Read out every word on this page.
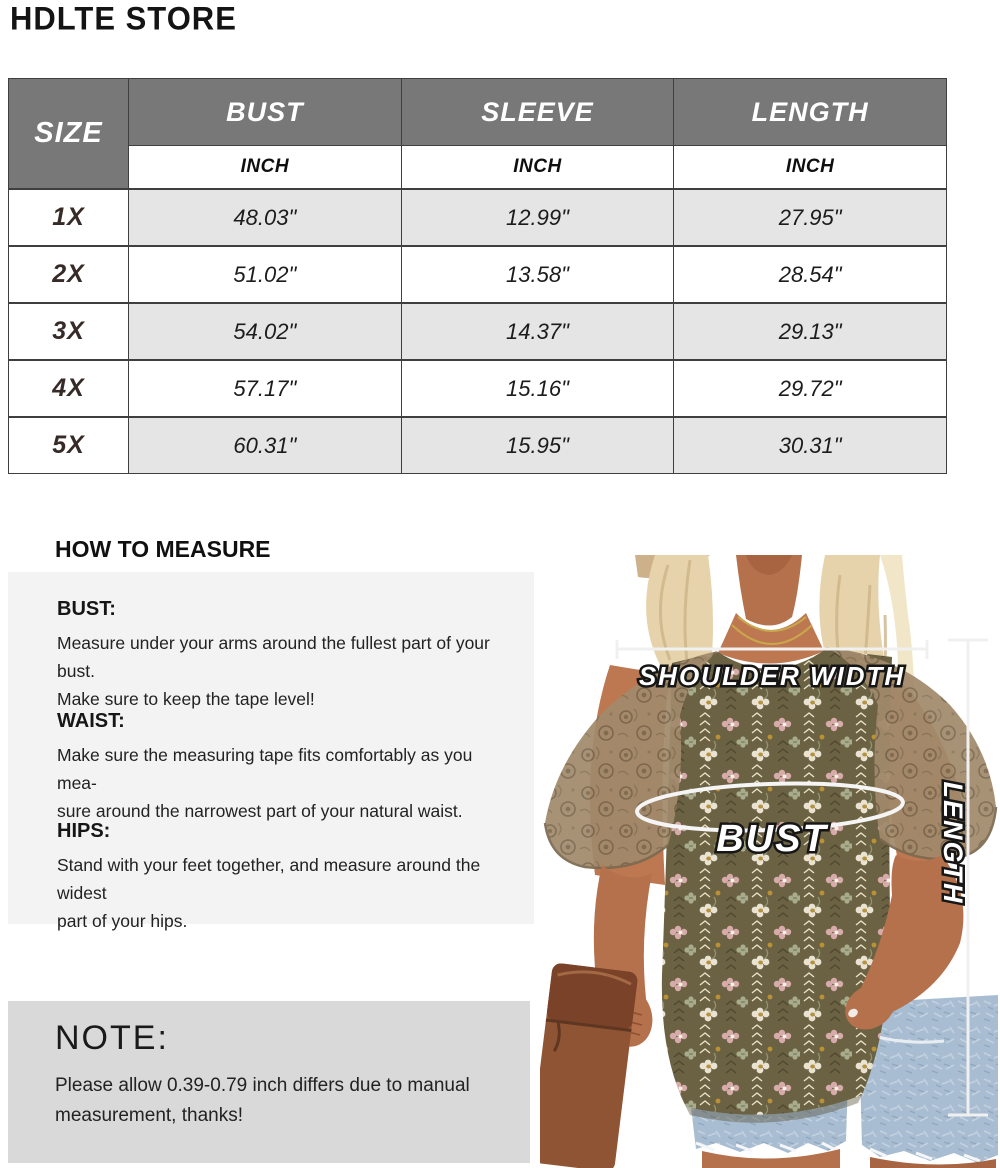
HDLTE STORE
SIZE	BUST	SLEEVE	LENGTH
	INCH	INCH	INCH
1X	48.03"	12.99"	27.95"
2X	51.02"	13.58"	28.54"
3X	54.02"	14.37"	29.13"
4X	57.17"	15.16"	29.72"
5X	60.31"	15.95"	30.31"
HOW TO MEASURE
BUST:
Measure under your arms around the fullest part of your bust.
Make sure to keep the tape level!
WAIST:
Make sure the measuring tape fits comfortably as you mea-
sure around the narrowest part of your natural waist.
HIPS:
Stand with your feet together, and measure around the widest
part of your hips.
NOTE:
Please allow 0.39-0.79 inch differs due to manual
measurement, thanks!
SHOULDER WIDTH
BUST	LENGTH
